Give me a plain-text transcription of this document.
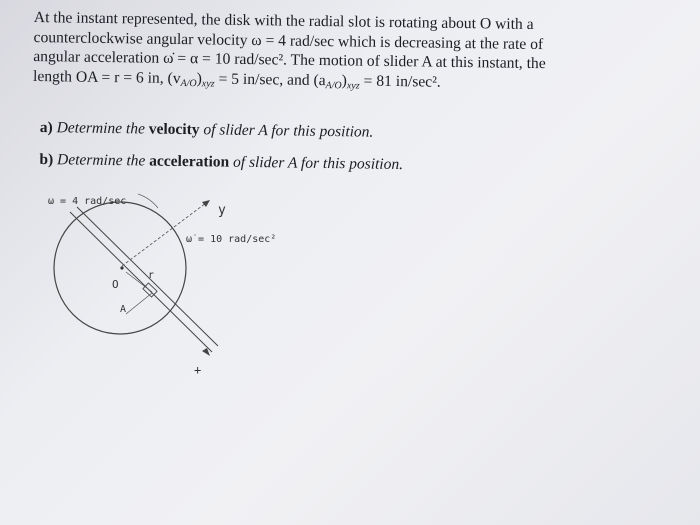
At the instant represented, the disk with the radial slot is rotating about O with a
counterclockwise angular velocity ω = 4 rad/sec which is decreasing at the rate of
angular acceleration ω̇ = α = 10 rad/sec². The motion of slider A at this instant, the
length OA = r = 6 in, $(v_{A/O})_{xyz} = 5$ in/sec, and $(a_{A/O})_{xyz} = 81$ in/sec².

a) Determine the velocity of slider A for this position.

b) Determine the acceleration of slider A for this position.

ω = 4 rad/sec
ω̇ = 10 rad/sec²
y
+
O
A
r
